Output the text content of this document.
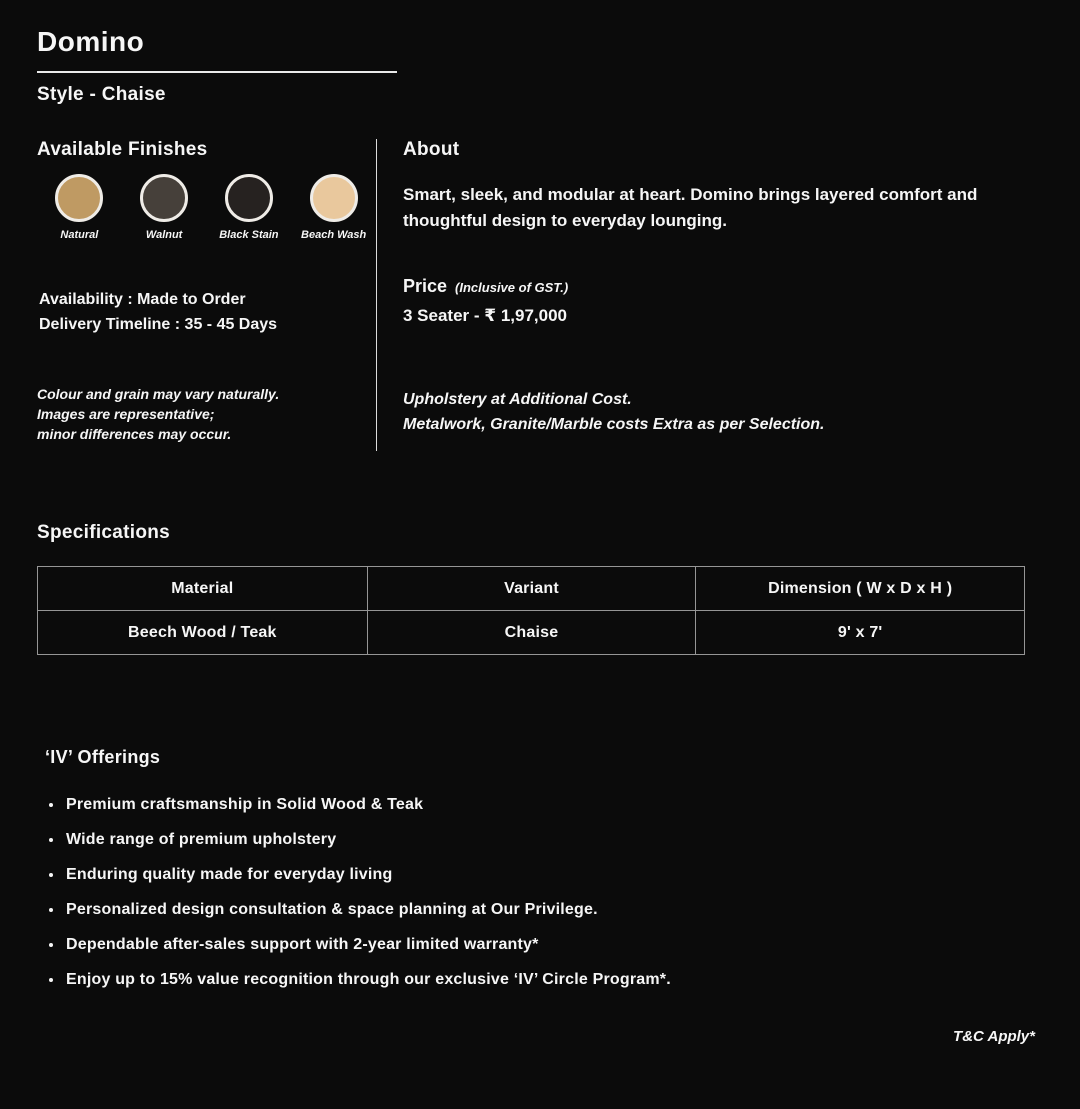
Domino
Style - Chaise
Available Finishes
Natural	Walnut	Black Stain Beach Wash
Availability : Made to Order
Delivery Timeline : 35 - 45 Days
Colour and grain may vary naturally.
Images are representative;
minor differences may occur.
About
Smart, sleek, and modular at heart. Domino brings layered comfort and thoughtful design to everyday lounging.
Price (Inclusive of GST.)
3 Seater - ₹ 1,97,000
Upholstery at Additional Cost.
Metalwork, Granite/Marble costs Extra as per Selection.
Specifications
Material	Variant	Dimension ( W x D x H )
Beech Wood / Teak	Chaise	9' x 7'
‘IV’ Offerings
Premium craftsmanship in Solid Wood & Teak
Wide range of premium upholstery
Enduring quality made for everyday living
Personalized design consultation & space planning at Our Privilege.
Dependable after-sales support with 2-year limited warranty*
Enjoy up to 15% value recognition through our exclusive ‘IV’ Circle Program*.
T&C Apply*
